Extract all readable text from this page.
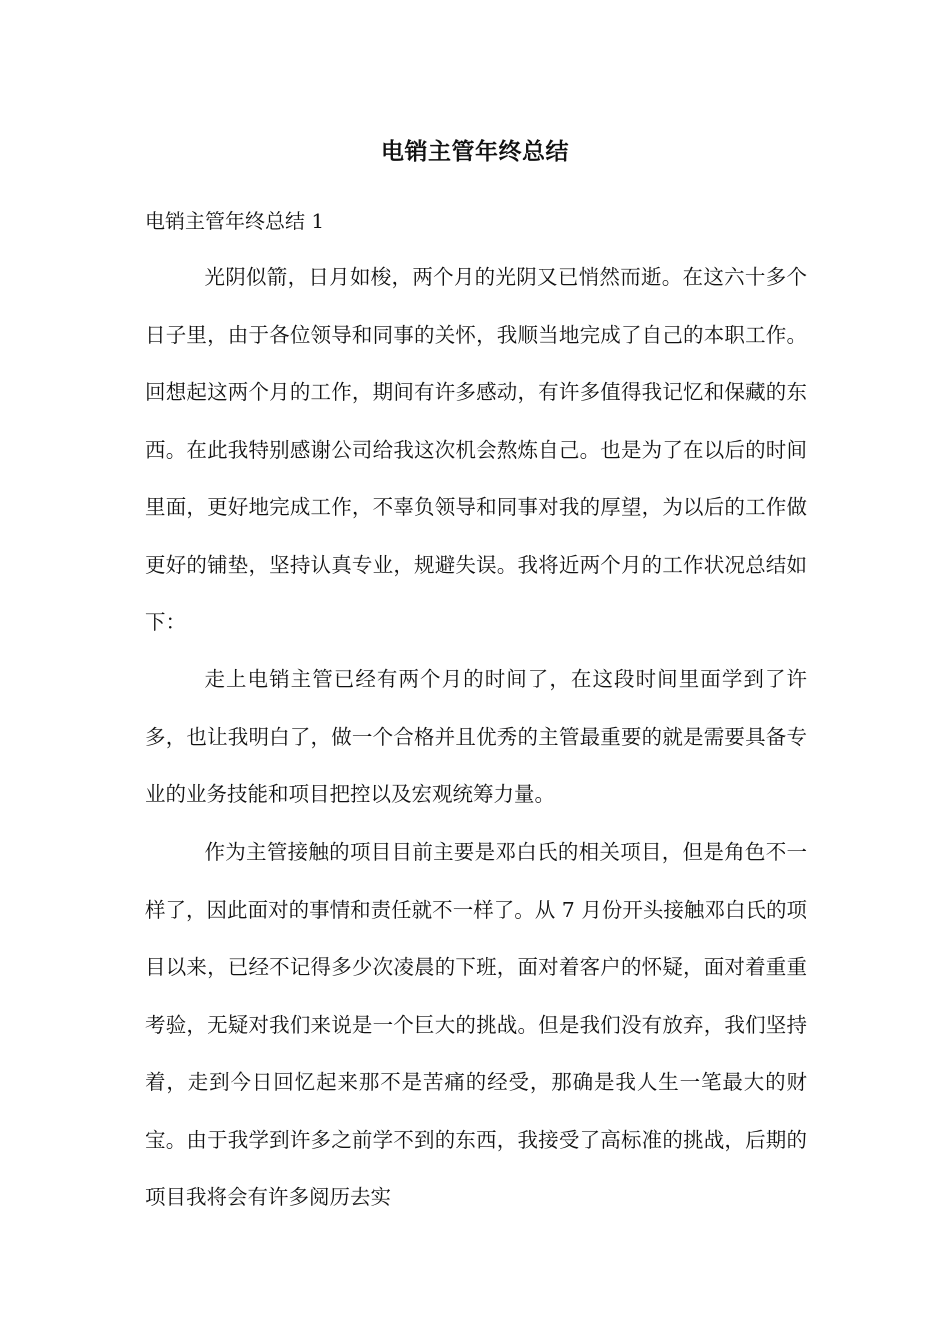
电销主管年终总结
电销主管年终总结 1

光阴似箭，日月如梭，两个月的光阴又已悄然而逝。在这六十多个日子里，由于各位领导和同事的关怀，我顺当地完成了自己的本职工作。回想起这两个月的工作，期间有许多感动，有许多值得我记忆和保藏的东西。在此我特别感谢公司给我这次机会熬炼自己。也是为了在以后的时间里面，更好地完成工作，不辜负领导和同事对我的厚望，为以后的工作做更好的铺垫，坚持认真专业，规避失误。我将近两个月的工作状况总结如下：

走上电销主管已经有两个月的时间了，在这段时间里面学到了许多，也让我明白了，做一个合格并且优秀的主管最重要的就是需要具备专业的业务技能和项目把控以及宏观统筹力量。

作为主管接触的项目目前主要是邓白氏的相关项目，但是角色不一样了，因此面对的事情和责任就不一样了。从 7 月份开头接触邓白氏的项目以来，已经不记得多少次凌晨的下班，面对着客户的怀疑，面对着重重考验，无疑对我们来说是一个巨大的挑战。但是我们没有放弃，我们坚持着，走到今日回忆起来那不是苦痛的经受，那确是我人生一笔最大的财宝。由于我学到许多之前学不到的东西，我接受了高标准的挑战，后期的项目我将会有许多阅历去实
